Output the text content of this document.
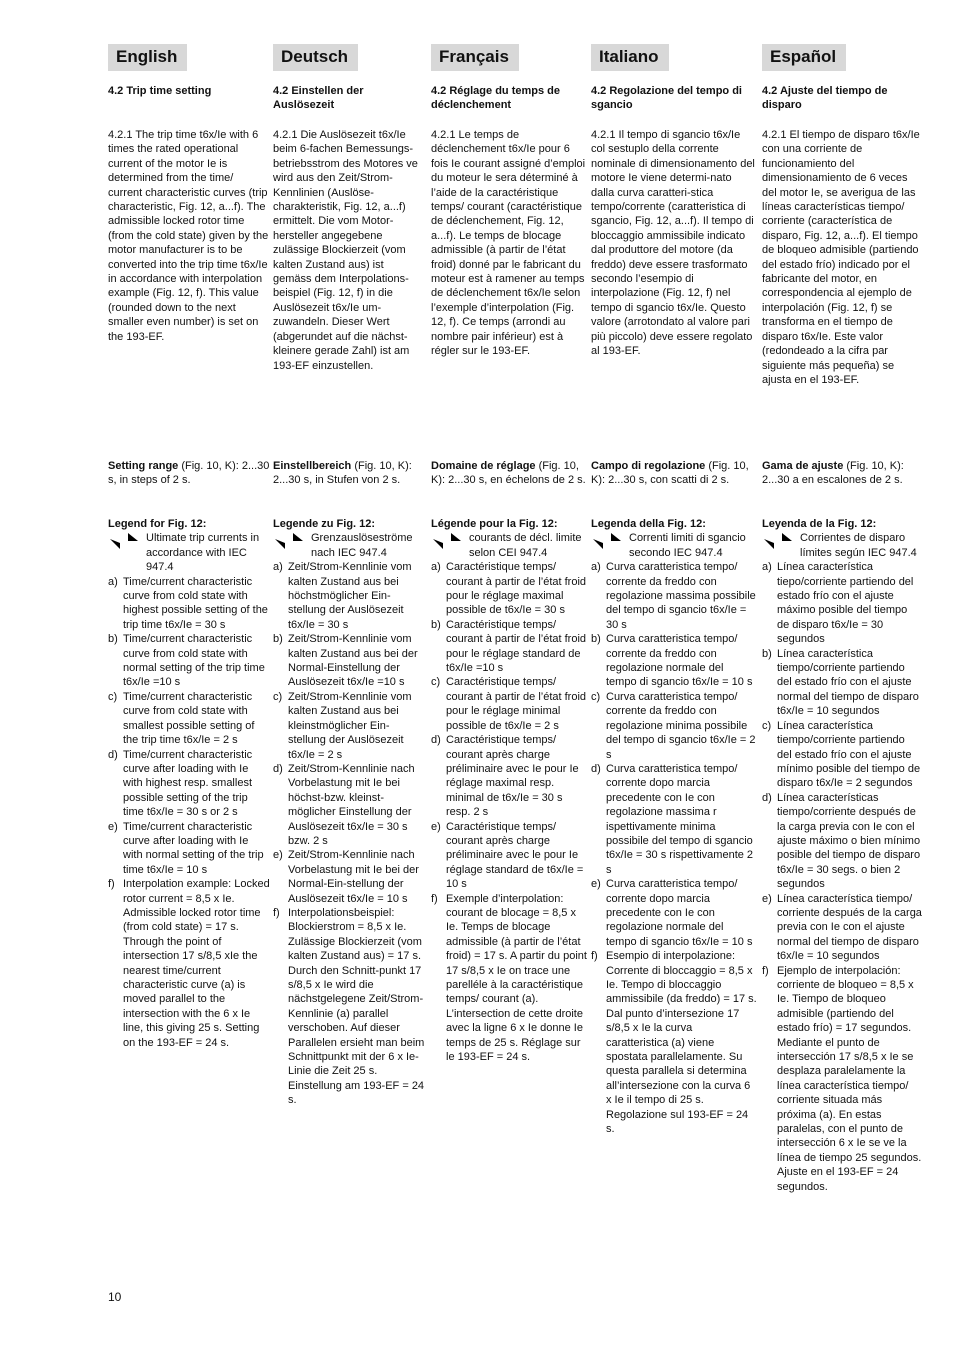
English

4.2 Trip time setting

4.2.1 The trip time t6x/Ie with 6 times the rated operational current of the motor Ie is determined from the time/ current characteristic curves (trip characteristic, Fig. 12, a...f). The admissible locked rotor time (from the cold state) given by the motor manufacturer is to be converted into the trip time t6x/Ie in accordance with interpolation example (Fig. 12, f). This value (rounded down to the next smaller even number) is set on the 193-EF.

Setting range (Fig. 10, K): 2...30 s, in steps of 2 s.

Legend for Fig. 12:

Ultimate trip currents in accordance with IEC 947.4
a) Time/current characteristic curve from cold state with highest possible setting of the trip time t6x/Ie = 30 s
b) Time/current characteristic curve from cold state with normal setting of the trip time t6x/Ie =10 s
c) Time/current characteristic curve from cold state with smallest possible setting of the trip time t6x/Ie = 2 s
d) Time/current characteristic curve after loading with Ie with highest resp. smallest possible setting of the trip time t6x/Ie = 30 s or 2 s
e) Time/current characteristic curve after loading with Ie with normal setting of the trip time t6x/Ie = 10 s
f) Interpolation example: Locked rotor current = 8,5 x Ie. Admissible locked rotor time (from cold state) = 17 s. Through the point of intersection 17 s/8,5 xIe the nearest time/current characteristic curve (a) is moved parallel to the intersection with the 6 x Ie line, this giving 25 s. Setting on the 193-EF = 24 s.
Deutsch

4.2 Einstellen der Auslösezeit

4.2.1 Die Auslösezeit t6x/Ie beim 6-fachen Bemessungs-betriebsstrom des Motores ve wird aus den Zeit/Strom-Kennlinien (Auslöse-charakteristik, Fig. 12, a...f) ermittelt. Die vom Motor-hersteller angegebene zulässige Blockierzeit (vom kalten Zustand aus) ist gemäss dem Interpolations-beispiel (Fig. 12, f) in die Auslösezeit t6x/Ie um-zuwandeln. Dieser Wert (abgerundet auf die nächst-kleinere gerade Zahl) ist am 193-EF einzustellen.

Einstellbereich (Fig. 10, K): 2...30 s, in Stufen von 2 s.

Legende zu Fig. 12:

Grenzauslöseströme nach IEC 947.4
a) Zeit/Strom-Kennlinie vom kalten Zustand aus bei höchstmöglicher Ein-stellung der Auslösezeit t6x/Ie = 30 s
b) Zeit/Strom-Kennlinie vom kalten Zustand aus bei der Normal-Einstellung der Auslösezeit t6x/Ie =10 s
c) Zeit/Strom-Kennlinie vom kalten Zustand aus bei kleinstmöglicher Ein-stellung der Auslösezeit t6x/Ie = 2 s
d) Zeit/Strom-Kennlinie nach Vorbelastung mit Ie bei höchst-bzw. kleinst-möglicher Einstellung der Auslösezeit t6x/Ie = 30 s bzw. 2 s
e) Zeit/Strom-Kennlinie nach Vorbelastung mit Ie bei der Normal-Ein-stellung der Auslösezeit t6x/Ie = 10 s
f) Interpolationsbeispiel: Blockierstrom = 8,5 x Ie. Zulässige Blockierzeit (vom kalten Zustand aus) = 17 s. Durch den Schnitt-punkt 17 s/8,5 x Ie wird die nächstgelegene Zeit/Strom-Kennlinie (a) parallel verschoben. Auf dieser Parallelen ersieht man beim Schnittpunkt mit der 6 x Ie-Linie die Zeit 25 s. Einstellung am 193-EF = 24 s.
Français

4.2 Réglage du temps de déclenchement

4.2.1 Le temps de déclenchement t6x/Ie pour 6 fois Ie courant assigné d’emploi du moteur le sera déterminé à l’aide de la caractéristique temps/ courant (caractéristique de déclenchement, Fig. 12, a...f). Le temps de blocage admissible (à partir de l’état froid) donné par le fabricant du moteur est à ramener au temps de déclenchement t6x/Ie selon l’exemple d’interpolation (Fig. 12, f). Ce temps (arrondi au nombre pair inférieur) est à régler sur le 193-EF.

Domaine de réglage (Fig. 10, K): 2...30 s, en échelons de 2 s.

Légende pour la Fig. 12:

courants de décl. limite selon CEI 947.4
a) Caractéristique temps/ courant à partir de l’état froid pour le réglage maximal possible de t6x/Ie = 30 s
b) Caractéristique temps/ courant à partir de l’état froid pour le réglage standard de t6x/Ie =10 s
c) Caractéristique temps/ courant à partir de l’état froid pour le réglage minimal possible de t6x/Ie = 2 s
d) Caractéristique temps/ courant après charge préliminaire avec Ie pour Ie réglage maximal resp. minimal de t6x/Ie = 30 s resp. 2 s
e) Caractéristique temps/ courant après charge préliminaire avec le pour Ie réglage standard de t6x/Ie = 10 s
f) Exemple d’interpolation: courant de blocage = 8,5 x Ie. Temps de blocage admissible (à partir de l’état froid) = 17 s. A partir du point 17 s/8,5 x Ie on trace une parelléle à la caractéristique temps/ courant (a). L’intersection de cette droite avec la ligne 6 x Ie donne Ie temps de 25 s. Réglage sur le 193-EF = 24 s.
Italiano

4.2 Regolazione del tempo di sgancio

4.2.1 Il tempo di sgancio t6x/Ie col sestuplo della corrente nominale di dimensionamento del motore Ie viene determi-nato dalla curva caratteri-stica tempo/corrente (caratteristica di sgancio, Fig. 12, a...f). Il tempo di bloccaggio ammissibile indicato dal produttore del motore (da freddo) deve essere trasformato secondo l’esempio di interpolazione (Fig. 12, f) nel tempo di sgancio t6x/Ie. Questo valore (arrotondato al valore pari più piccolo) deve essere regolato al 193-EF.

Campo di regolazione (Fig. 10, K): 2...30 s, con scatti di 2 s.

Legenda della Fig. 12:

Correnti limiti di sgancio secondo IEC 947.4
a) Curva caratteristica tempo/ corrente da freddo con regolazione massima possibile del tempo di sgancio t6x/Ie = 30 s
b) Curva caratteristica tempo/ corrente da freddo con regolazione normale del tempo di sgancio t6x/Ie = 10 s
c) Curva caratteristica tempo/ corrente da freddo con regolazione minima possibile del tempo di sgancio t6x/Ie = 2 s
d) Curva caratteristica tempo/ corrente dopo marcia precedente con Ie con regolazione massima r ispettivamente minima possibile del tempo di sgancio t6x/Ie = 30 s rispettivamente 2 s
e) Curva caratteristica tempo/ corrente dopo marcia precedente con Ie con regolazione normale del tempo di sgancio t6x/Ie = 10 s
f) Esempio di interpolazione: Corrente di bloccaggio = 8,5 x Ie. Tempo di bloccaggio ammissibile (da freddo) = 17 s. Dal punto d’intersezione 17 s/8,5 x Ie la curva caratteristica (a) viene spostata parallelamente. Su questa parallela si determina all’intersezione con la curva 6 x Ie il tempo di 25 s. Regolazione sul 193-EF = 24 s.
Español

4.2 Ajuste del tiempo de disparo

4.2.1 El tiempo de disparo t6x/Ie con una corriente de funcionamiento del dimensionamiento de 6 veces del motor Ie, se averigua de las líneas características tiempo/ corriente (característica de disparo, Fig. 12, a...f). El tiempo de bloqueo admisible (partiendo del estado frío) indicado por el fabricante del motor, en correspondencia al ejemplo de interpolación (Fig. 12, f) se transforma en el tiempo de disparo t6x/Ie. Este valor (redondeado a la cifra par siguiente más pequeña) se ajusta en el 193-EF.

Gama de ajuste (Fig. 10, K): 2...30 a en escalones de 2 s.

Leyenda de la Fig. 12:

Corrientes de disparo límites según IEC 947.4
a) Línea característica tiepo/corriente partiendo del estado frío con el ajuste máximo posible del tiempo de disparo t6x/Ie = 30 segundos
b) Línea característica tiempo/corriente partiendo del estado frío con el ajuste normal del tiempo de disparo t6x/Ie = 10 segundos
c) Línea característica tiempo/corriente partiendo del estado frío con el ajuste mínimo posible del tiempo de disparo t6x/Ie = 2 segundos
d) Línea características tiempo/corriente después de la carga previa con Ie con el ajuste máximo o bien mínimo posible del tiempo de disparo t6x/Ie = 30 segs. o bien 2 segundos
e) Línea característica tiempo/ corriente después de la carga previa con Ie con el ajuste normal del tiempo de disparo t6x/Ie = 10 segundos
f) Ejemplo de interpolación: corriente de bloqueo = 8,5 x Ie. Tiempo de bloqueo admisible (partiendo del estado frío) = 17 segundos. Mediante el punto de intersección 17 s/8,5 x Ie se desplaza paralelamente la línea característica tiempo/ corriente situada más próxima (a). En estas paralelas, con el punto de intersección 6 x Ie se ve la línea de tiempo 25 segundos. Ajuste en el 193-EF = 24 segundos.
10
